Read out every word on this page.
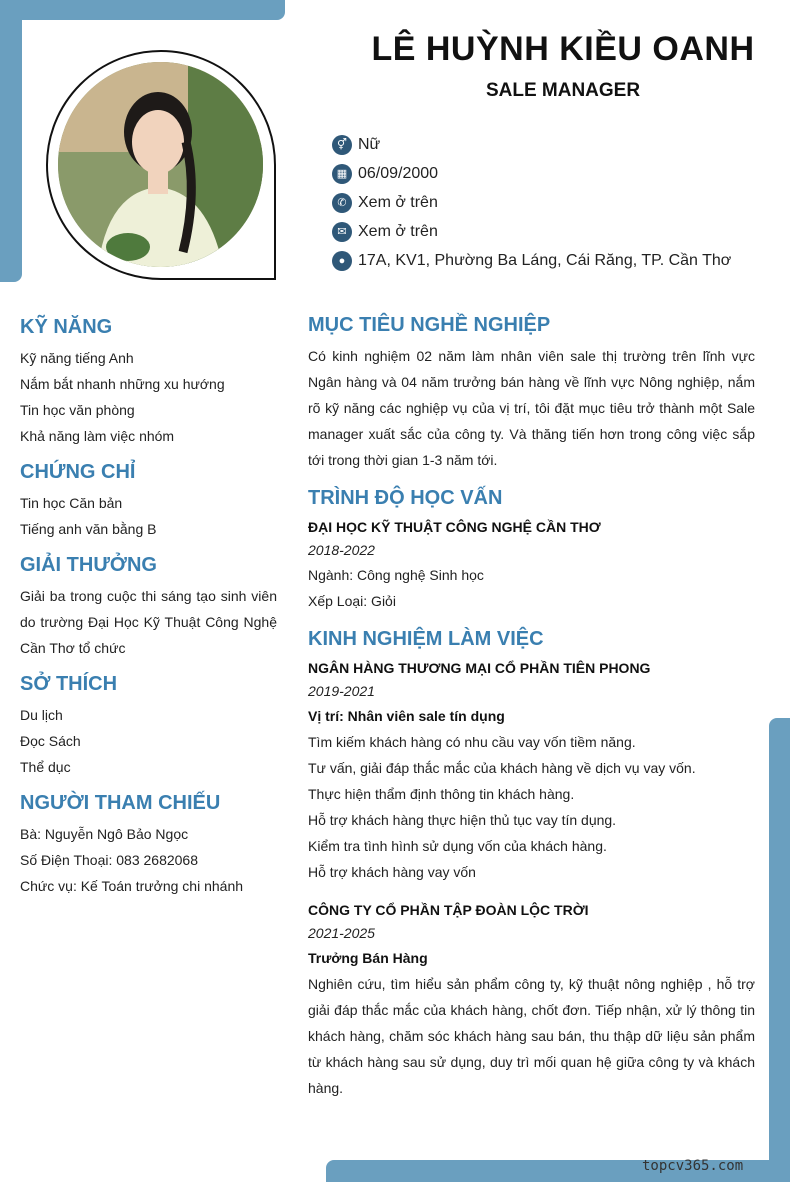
LÊ HUỲNH KIỀU OANH
SALE MANAGER
⚥ Nữ
▦ 06/09/2000
✆ Xem ở trên
✉ Xem ở trên
● 17A, KV1, Phường Ba Láng, Cái Răng, TP. Cần Thơ
KỸ NĂNG
Kỹ năng tiếng Anh
Nắm bắt nhanh những xu hướng
Tin học văn phòng
Khả năng làm việc nhóm
CHỨNG CHỈ
Tin học Căn bản
Tiếng anh văn bằng B
GIẢI THƯỞNG
Giải ba trong cuộc thi sáng tạo sinh viên do trường Đại Học Kỹ Thuật Công Nghệ Cần Thơ tổ chức
SỞ THÍCH
Du lịch
Đọc Sách
Thể dục
NGƯỜI THAM CHIẾU
Bà: Nguyễn Ngô Bảo Ngọc
Số Điện Thoại: 083 2682068
Chức vụ: Kế Toán trưởng chi nhánh
MỤC TIÊU NGHỀ NGHIỆP
Có kinh nghiệm 02 năm làm nhân viên sale thị trường trên lĩnh vực Ngân hàng và 04 năm trưởng bán hàng về lĩnh vực Nông nghiệp, nắm rõ kỹ năng các nghiệp vụ của vị trí, tôi đặt mục tiêu trở thành một Sale manager xuất sắc của công ty. Và thăng tiến hơn trong công việc sắp tới trong thời gian 1-3 năm tới.
TRÌNH ĐỘ HỌC VẤN
ĐẠI HỌC KỸ THUẬT CÔNG NGHỆ CẦN THƠ
2018-2022
Ngành: Công nghệ Sinh học
Xếp Loại: Giỏi
KINH NGHIỆM LÀM VIỆC
NGÂN HÀNG THƯƠNG MẠI CỔ PHẦN TIÊN PHONG
2019-2021
Vị trí: Nhân viên sale tín dụng
Tìm kiếm khách hàng có nhu cầu vay vốn tiềm năng.
Tư vấn, giải đáp thắc mắc của khách hàng về dịch vụ vay vốn.
Thực hiện thẩm định thông tin khách hàng.
Hỗ trợ khách hàng thực hiện thủ tục vay tín dụng.
Kiểm tra tình hình sử dụng vốn của khách hàng.
Hỗ trợ khách hàng vay vốn
CÔNG TY CỔ PHẦN TẬP ĐOÀN LỘC TRỜI
2021-2025
Trưởng Bán Hàng
Nghiên cứu, tìm hiểu sản phẩm công ty, kỹ thuật nông nghiệp , hỗ trợ giải đáp thắc mắc của khách hàng, chốt đơn. Tiếp nhận, xử lý thông tin khách hàng, chăm sóc khách hàng sau bán, thu thập dữ liệu sản phẩm từ khách hàng sau sử dụng, duy trì mối quan hệ giữa công ty và khách hàng.
topcv365.com
